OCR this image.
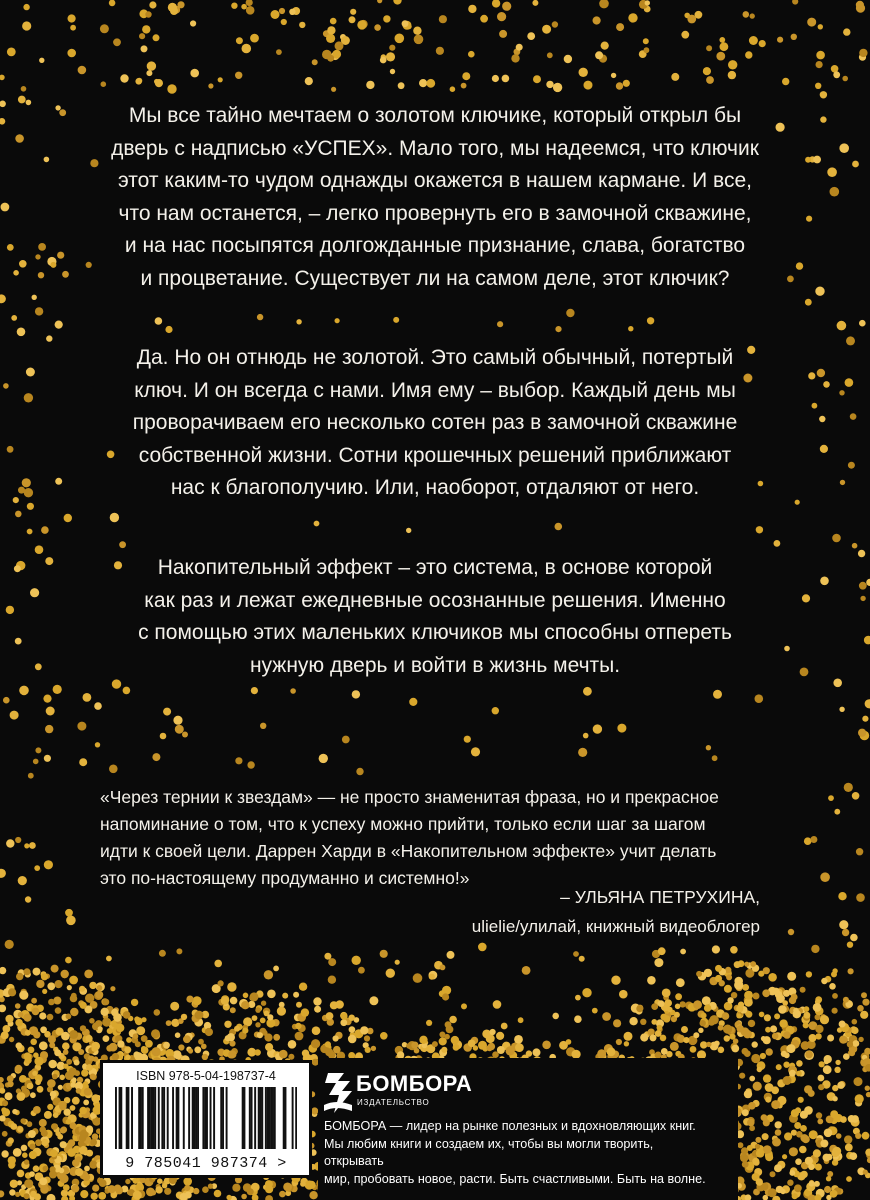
Мы все тайно мечтаем о золотом ключике, который открыл бы
дверь с надписью «УСПЕХ». Мало того, мы надеемся, что ключик
этот каким-то чудом однажды окажется в нашем кармане. И все,
что нам останется, – легко провернуть его в замочной скважине,
и на нас посыпятся долгожданные признание, слава, богатство
и процветание. Существует ли на самом деле, этот ключик?
Да. Но он отнюдь не золотой. Это самый обычный, потертый
ключ. И он всегда с нами. Имя ему – выбор. Каждый день мы
проворачиваем его несколько сотен раз в замочной скважине
собственной жизни. Сотни крошечных решений приближают
нас к благополучию. Или, наоборот, отдаляют от него.
Накопительный эффект – это система, в основе которой
как раз и лежат ежедневные осознанные решения. Именно
с помощью этих маленьких ключиков мы способны отпереть
нужную дверь и войти в жизнь мечты.
«Через тернии к звездам» — не просто знаменитая фраза, но и прекрасное
напоминание о том, что к успеху можно прийти, только если шаг за шагом
идти к своей цели. Даррен Харди в «Накопительном эффекте» учит делать
это по-настоящему продуманно и системно!»
– УЛЬЯНА ПЕТРУХИНА,
ulielie/улилай, книжный видеоблогер
ISBN 978-5-04-198737-4
9 785041 987374 >
БОМБОРА
ИЗДАТЕЛЬСТВО
БОМБОРА — лидер на рынке полезных и вдохновляющих книг.
Мы любим книги и создаем их, чтобы вы могли творить, открывать
мир, пробовать новое, расти. Быть счастливыми. Быть на волне.
